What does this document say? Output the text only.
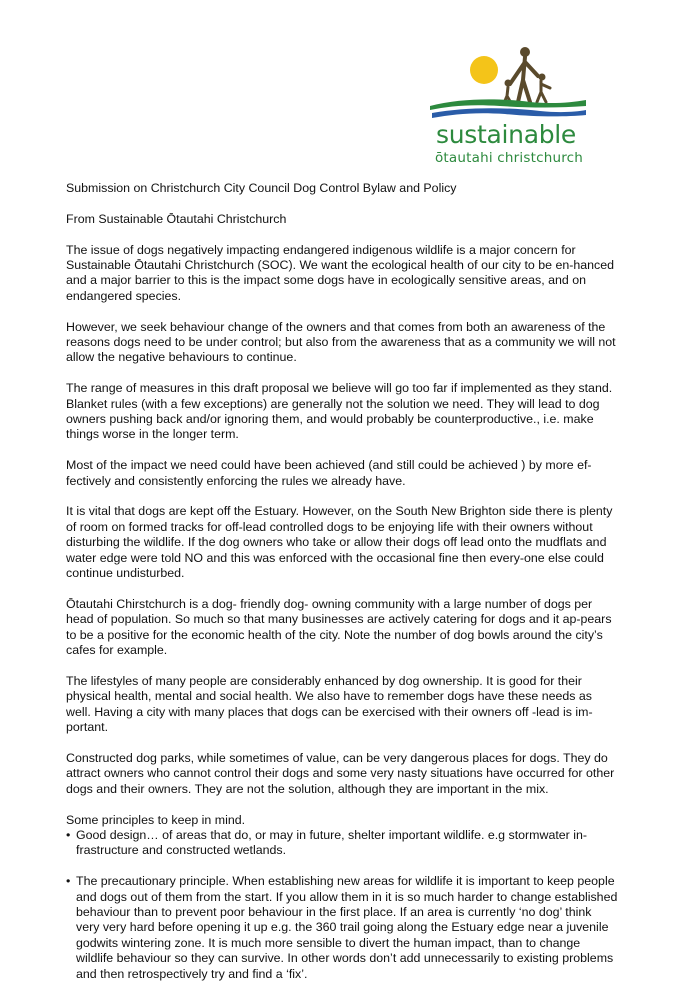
sustainable
ōtautahi christchurch

Submission on Christchurch City Council Dog Control Bylaw and Policy

From Sustainable Ōtautahi Christchurch

The issue of dogs negatively impacting endangered indigenous wildlife is a major concern for Sustainable Ōtautahi Christchurch (SOC). We want the ecological health of our city to be en-hanced and a major barrier to this is the impact some dogs have in ecologically sensitive areas, and on endangered species.

However, we seek behaviour change of the owners and that comes from both an awareness of the reasons dogs need to be under control; but also from the awareness that as a community we will not allow the negative behaviours to continue.

The range of measures in this draft proposal we believe will go too far if implemented as they stand. Blanket rules (with a few exceptions) are generally not the solution we need. They will lead to dog owners pushing back and/or ignoring them, and would probably be counterproductive., i.e. make things worse in the longer term.

Most of the impact we need could have been achieved (and still could be achieved ) by more ef-fectively and consistently enforcing the rules we already have.

It is vital that dogs are kept off the Estuary. However, on the South New Brighton side there is plenty of room on formed tracks for off-lead controlled dogs to be enjoying life with their owners without disturbing the wildlife. If the dog owners who take or allow their dogs off lead onto the mudflats and water edge were told NO and this was enforced with the occasional fine then every-one else could continue undisturbed.

Ōtautahi Chirstchurch is a dog- friendly dog- owning community with a large number of dogs per head of population. So much so that many businesses are actively catering for dogs and it ap-pears to be a positive for the economic health of the city. Note the number of dog bowls around the city’s cafes for example.

The lifestyles of many people are considerably enhanced by dog ownership. It is good for their physical health, mental and social health. We also have to remember dogs have these needs as well. Having a city with many places that dogs can be exercised with their owners off -lead is im-portant.

Constructed dog parks, while sometimes of value, can be very dangerous places for dogs. They do attract owners who cannot control their dogs and some very nasty situations have occurred for other dogs and their owners. They are not the solution, although they are important in the mix.

Some principles to keep in mind.

• Good design… of areas that do, or may in future, shelter important wildlife. e.g stormwater in-frastructure and constructed wetlands.
• The precautionary principle. When establishing new areas for wildlife it is important to keep people and dogs out of them from the start. If you allow them in it is so much harder to change established behaviour than to prevent poor behaviour in the first place. If an area is currently ‘no dog’ think very very hard before opening it up e.g. the 360 trail going along the Estuary edge near a juvenile godwits wintering zone. It is much more sensible to divert the human impact, than to change wildlife behaviour so they can survive. In other words don’t add unnecessarily to existing problems and then retrospectively try and find a ‘fix’.
